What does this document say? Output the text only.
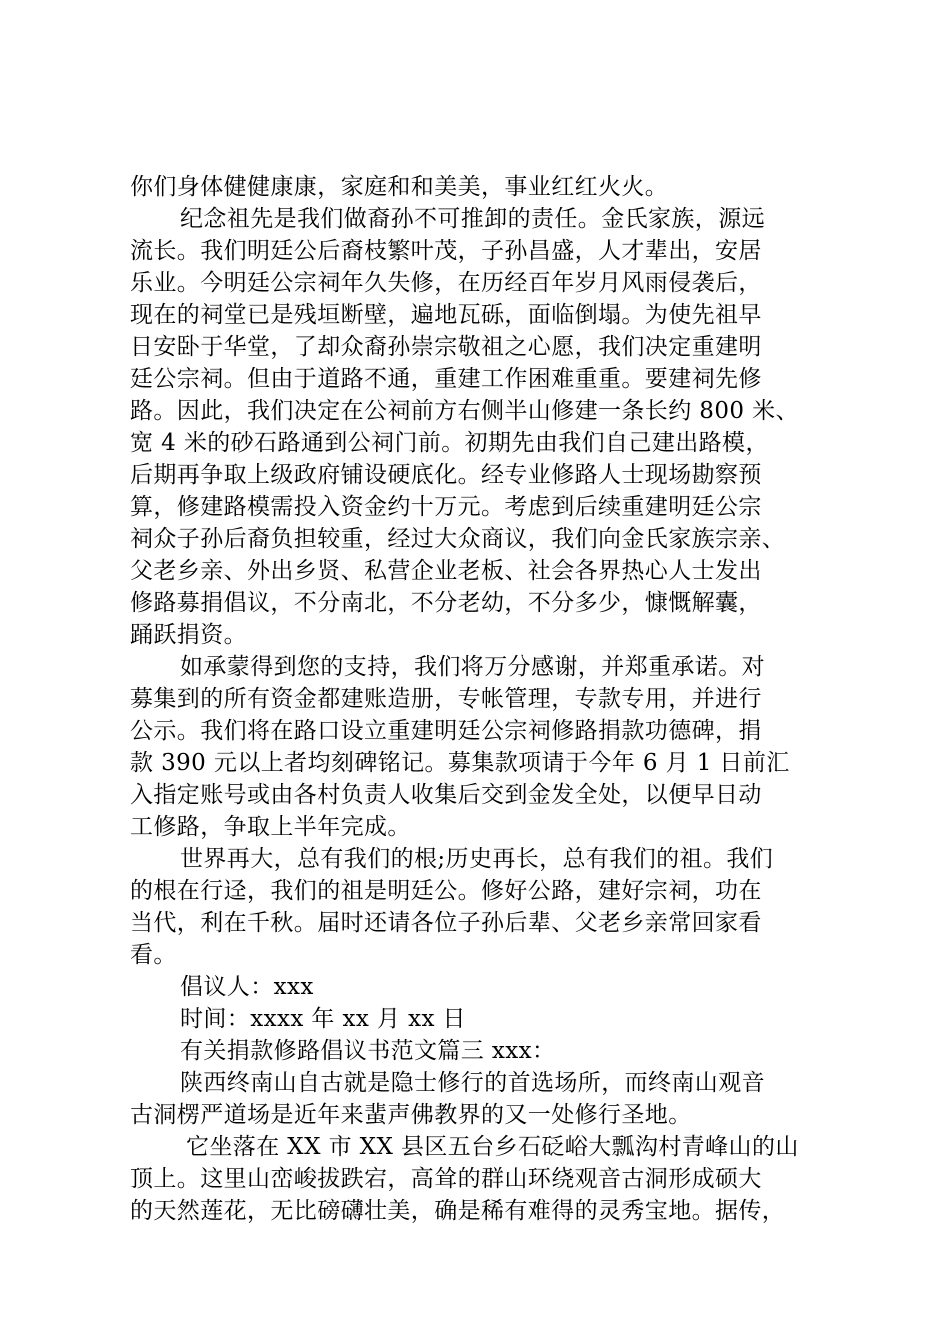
你们身体健健康康，家庭和和美美，事业红红火火。
纪念祖先是我们做裔孙不可推卸的责任。金氏家族，源远
流长。我们明廷公后裔枝繁叶茂，子孙昌盛，人才辈出，安居
乐业。今明廷公宗祠年久失修，在历经百年岁月风雨侵袭后，
现在的祠堂已是残垣断壁，遍地瓦砾，面临倒塌。为使先祖早
日安卧于华堂，了却众裔孙崇宗敬祖之心愿，我们决定重建明
廷公宗祠。但由于道路不通，重建工作困难重重。要建祠先修
路。因此，我们决定在公祠前方右侧半山修建一条长约 800 米、
宽 4 米的砂石路通到公祠门前。初期先由我们自己建出路模，
后期再争取上级政府铺设硬底化。经专业修路人士现场勘察预
算，修建路模需投入资金约十万元。考虑到后续重建明廷公宗
祠众子孙后裔负担较重，经过大众商议，我们向金氏家族宗亲、
父老乡亲、外出乡贤、私营企业老板、社会各界热心人士发出
修路募捐倡议，不分南北，不分老幼，不分多少，慷慨解囊，
踊跃捐资。
如承蒙得到您的支持，我们将万分感谢，并郑重承诺。对
募集到的所有资金都建账造册，专帐管理，专款专用，并进行
公示。我们将在路口设立重建明廷公宗祠修路捐款功德碑，捐
款 390 元以上者均刻碑铭记。募集款项请于今年 6 月 1 日前汇
入指定账号或由各村负责人收集后交到金发全处，以便早日动
工修路，争取上半年完成。
世界再大，总有我们的根;历史再长，总有我们的祖。我们
的根在行迳，我们的祖是明廷公。修好公路，建好宗祠，功在
当代，利在千秋。届时还请各位子孙后辈、父老乡亲常回家看
看。
倡议人：xxx
时间：xxxx 年 xx 月 xx 日
有关捐款修路倡议书范文篇三 xxx：
陕西终南山自古就是隐士修行的首选场所，而终南山观音
古洞楞严道场是近年来蜚声佛教界的又一处修行圣地。
它坐落在 XX 市 XX 县区五台乡石砭峪大瓢沟村青峰山的山
顶上。这里山峦峻拔跌宕，高耸的群山环绕观音古洞形成硕大
的天然莲花，无比磅礴壮美，确是稀有难得的灵秀宝地。据传，
